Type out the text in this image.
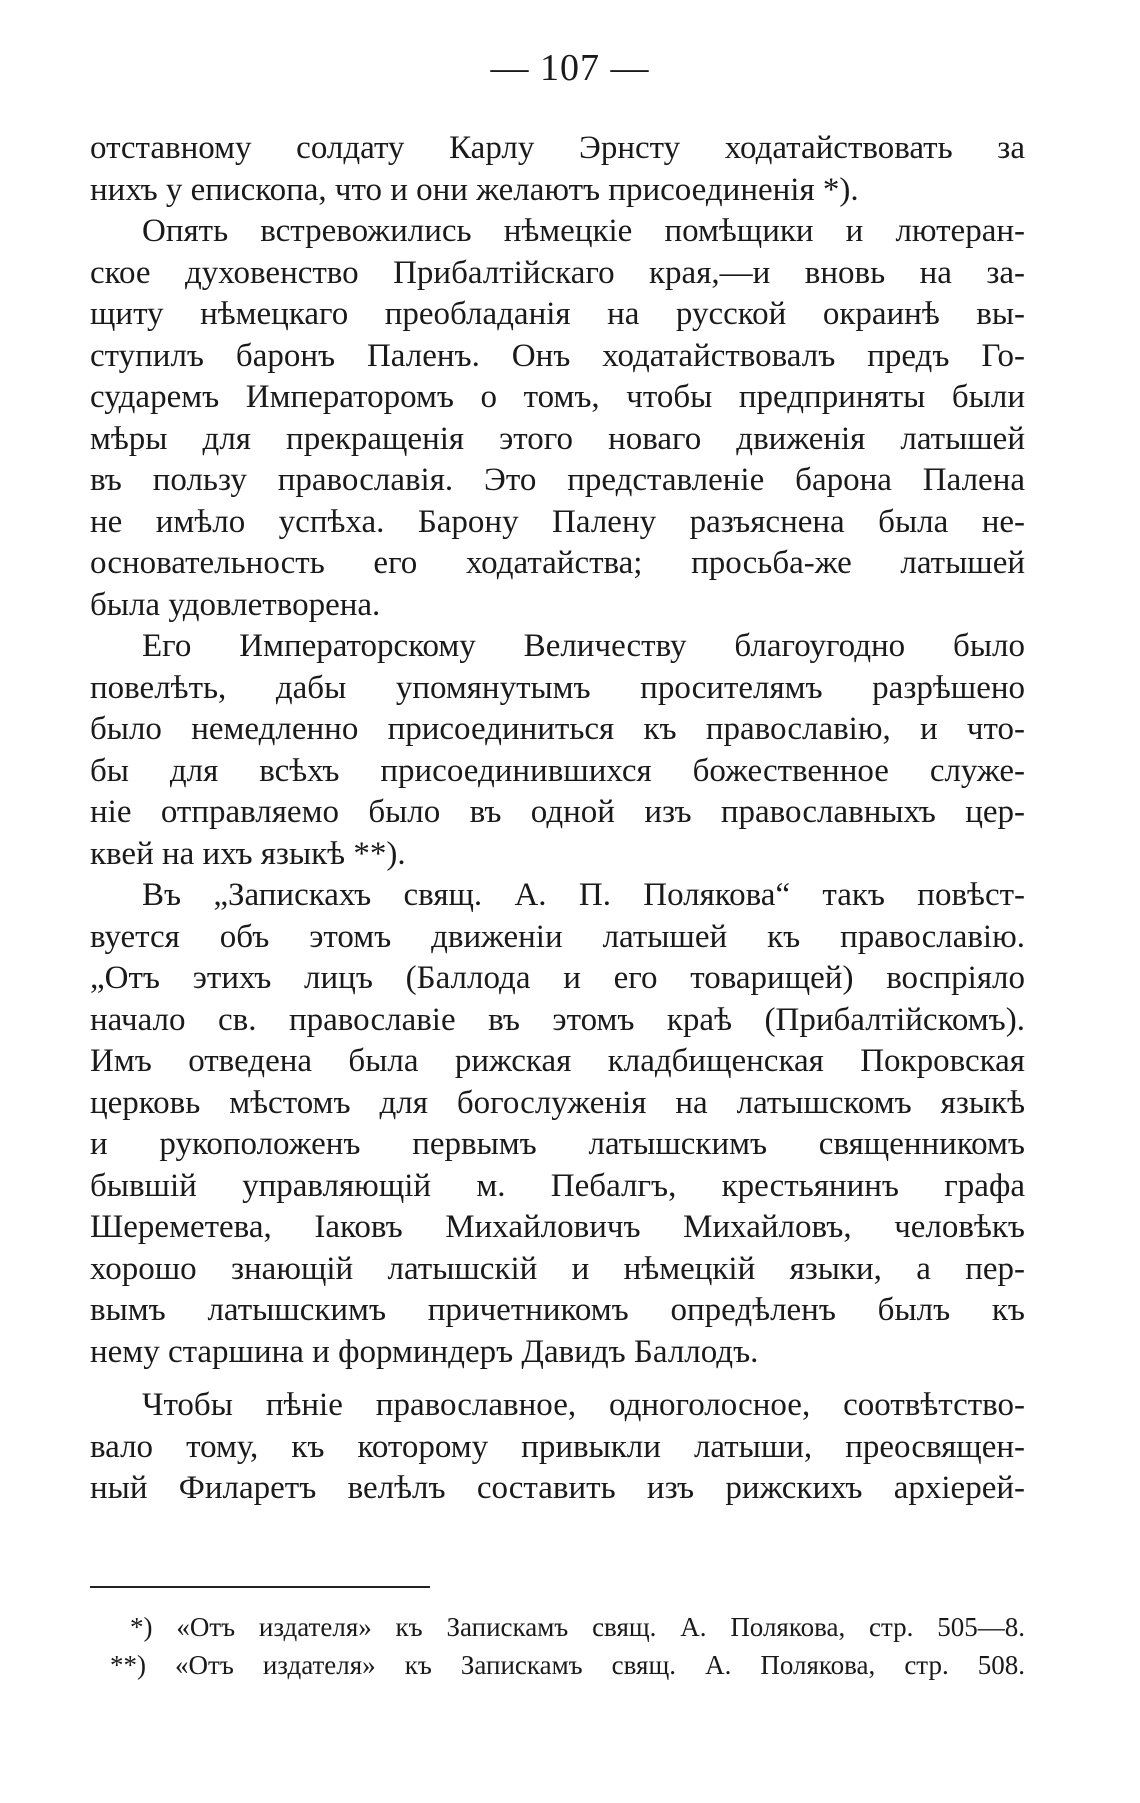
— 107 —
отставному солдату Карлу Эрнсту ходатайствовать за
нихъ у епископа, что и они желаютъ присоединенія *).
Опять встревожились нѣмецкіе помѣщики и лютеран-
ское духовенство Прибалтійскаго края,—и вновь на за-
щиту нѣмецкаго преобладанія на русской окраинѣ вы-
ступилъ баронъ Паленъ. Онъ ходатайствовалъ предъ Го-
сударемъ Императоромъ о томъ, чтобы предприняты были
мѣры для прекращенія этого новаго движенія латышей
въ пользу православія. Это представленіе барона Палена
не имѣло успѣха. Барону Палену разъяснена была не-
основательность его ходатайства; просьба-же латышей
была удовлетворена.
Его Императорскому Величеству благоугодно было
повелѣть, дабы упомянутымъ просителямъ разрѣшено
было немедленно присоединиться къ православію, и что-
бы для всѣхъ присоединившихся божественное служе-
ніе отправляемо было въ одной изъ православныхъ цер-
квей на ихъ языкѣ **).
Въ „Запискахъ свящ. А. П. Полякова“ такъ повѣст-
вуется объ этомъ движеніи латышей къ православію.
„Отъ этихъ лицъ (Баллода и его товарищей) воспріяло
начало св. православіе въ этомъ краѣ (Прибалтійскомъ).
Имъ отведена была рижская кладбищенская Покровская
церковь мѣстомъ для богослуженія на латышскомъ языкѣ
и рукоположенъ первымъ латышскимъ священникомъ
бывшій управляющій м. Пебалгъ, крестьянинъ графа
Шереметева, Іаковъ Михайловичъ Михайловъ, человѣкъ
хорошо знающій латышскій и нѣмецкій языки, а пер-
вымъ латышскимъ причетникомъ опредѣленъ былъ къ
нему старшина и форминдеръ Давидъ Баллодъ.
Чтобы пѣніе православное, одноголосное, соотвѣтство-
вало тому, къ которому привыкли латыши, преосвящен-
ный Филаретъ велѣлъ составить изъ рижскихъ архіерей-
*) «Отъ издателя» къ Запискамъ свящ. А. Полякова, стр. 505—8.
**) «Отъ издателя» къ Запискамъ свящ. А. Полякова, стр. 508.
